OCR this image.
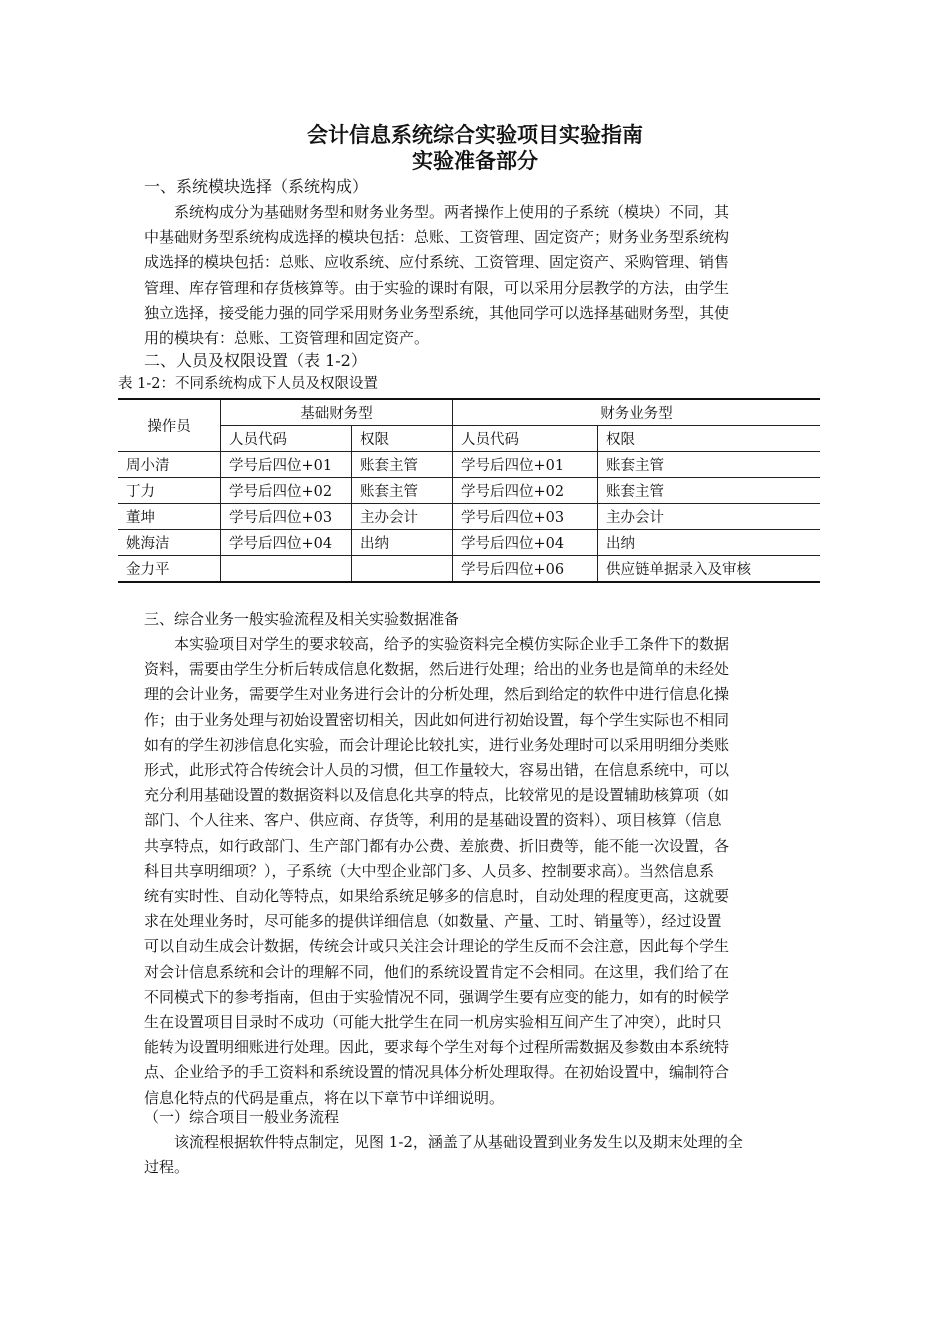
会计信息系统综合实验项目实验指南
实验准备部分
一、系统模块选择（系统构成）
系统构成分为基础财务型和财务业务型。两者操作上使用的子系统（模块）不同，其
中基础财务型系统构成选择的模块包括：总账、工资管理、固定资产；财务业务型系统构
成选择的模块包括：总账、应收系统、应付系统、工资管理、固定资产、采购管理、销售
管理、库存管理和存货核算等。由于实验的课时有限，可以采用分层教学的方法，由学生
独立选择，接受能力强的同学采用财务业务型系统，其他同学可以选择基础财务型，其使
用的模块有：总账、工资管理和固定资产。
二、人员及权限设置（表 1-2）
表 1-2：不同系统构成下人员及权限设置
操作员	基础财务型		财务业务型	
	人员代码	权限	人员代码	权限
周小清	学号后四位+01	账套主管	学号后四位+01	账套主管
丁力	学号后四位+02	账套主管	学号后四位+02	账套主管
董坤	学号后四位+03	主办会计	学号后四位+03	主办会计
姚海洁	学号后四位+04	出纳	学号后四位+04	出纳
金力平			学号后四位+06	供应链单据录入及审核
三、综合业务一般实验流程及相关实验数据准备
本实验项目对学生的要求较高，给予的实验资料完全模仿实际企业手工条件下的数据
资料，需要由学生分析后转成信息化数据，然后进行处理；给出的业务也是简单的未经处
理的会计业务，需要学生对业务进行会计的分析处理，然后到给定的软件中进行信息化操
作；由于业务处理与初始设置密切相关，因此如何进行初始设置，每个学生实际也不相同
如有的学生初涉信息化实验，而会计理论比较扎实，进行业务处理时可以采用明细分类账
形式，此形式符合传统会计人员的习惯，但工作量较大，容易出错，在信息系统中，可以
充分利用基础设置的数据资料以及信息化共享的特点，比较常见的是设置辅助核算项（如
部门、个人往来、客户、供应商、存货等，利用的是基础设置的资料）、项目核算（信息
共享特点，如行政部门、生产部门都有办公费、差旅费、折旧费等，能不能一次设置，各
科目共享明细项？），子系统（大中型企业部门多、人员多、控制要求高）。当然信息系
统有实时性、自动化等特点，如果给系统足够多的信息时，自动处理的程度更高，这就要
求在处理业务时，尽可能多的提供详细信息（如数量、产量、工时、销量等），经过设置
可以自动生成会计数据，传统会计或只关注会计理论的学生反而不会注意，因此每个学生
对会计信息系统和会计的理解不同，他们的系统设置肯定不会相同。在这里，我们给了在
不同模式下的参考指南，但由于实验情况不同，强调学生要有应变的能力，如有的时候学
生在设置项目目录时不成功（可能大批学生在同一机房实验相互间产生了冲突），此时只
能转为设置明细账进行处理。因此，要求每个学生对每个过程所需数据及参数由本系统特
点、企业给予的手工资料和系统设置的情况具体分析处理取得。在初始设置中，编制符合
信息化特点的代码是重点，将在以下章节中详细说明。
（一）综合项目一般业务流程
该流程根据软件特点制定，见图 1-2，涵盖了从基础设置到业务发生以及期末处理的全
过程。
